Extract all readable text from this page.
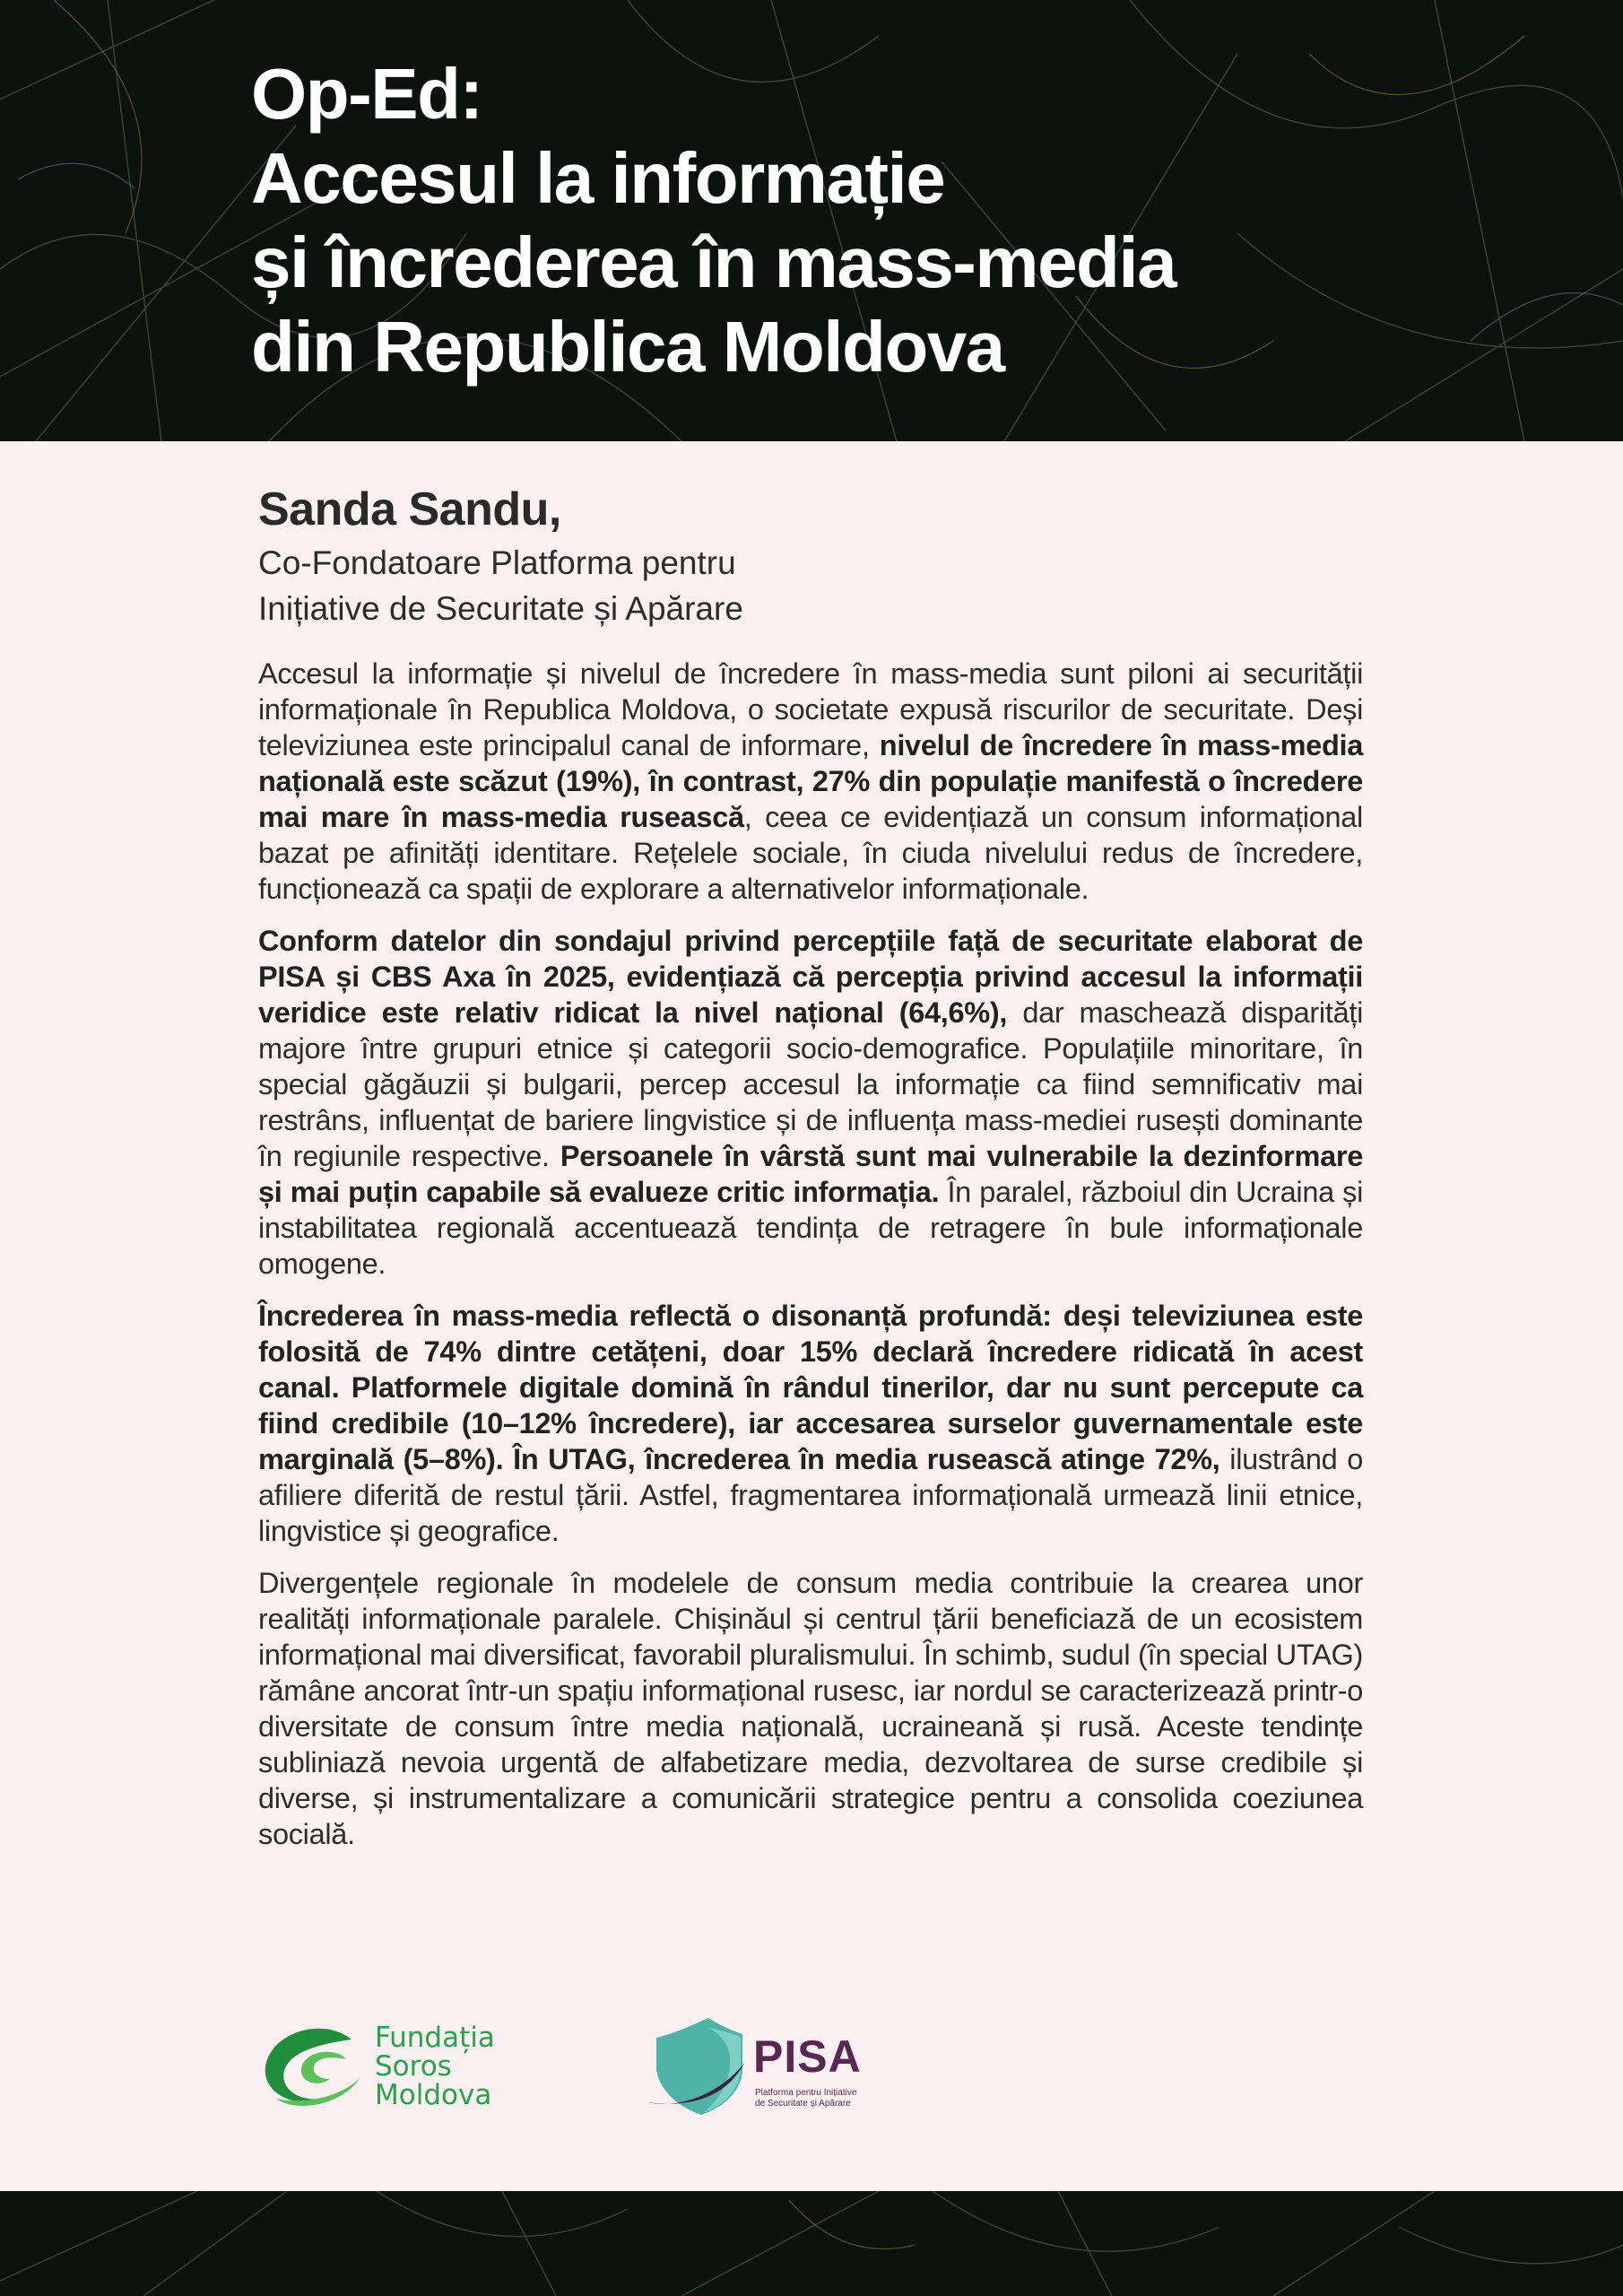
Op-Ed:
Accesul la informație
și încrederea în mass-media
din Republica Moldova
Sanda Sandu,

Co-Fondatoare Platforma pentru
Inițiative de Securitate și Apărare

Accesul la informație și nivelul de încredere în mass-media sunt piloni ai securității informaționale în Republica Moldova, o societate expusă riscurilor de securitate. Deși televiziunea este principalul canal de informare, nivelul de încredere în mass-media națională este scăzut (19%), în contrast, 27% din populație manifestă o încredere mai mare în mass-media rusească, ceea ce evidențiază un consum informațional bazat pe afinități identitare. Rețelele sociale, în ciuda nivelului redus de încredere, funcționează ca spații de explorare a alternativelor informaționale.

Conform datelor din sondajul privind percepțiile față de securitate elaborat de PISA și CBS Axa în 2025, evidențiază că percepția privind accesul la informații veridice este relativ ridicat la nivel național (64,6%), dar maschează disparități majore între grupuri etnice și categorii socio-demografice. Populațiile minoritare, în special găgăuzii și bulgarii, percep accesul la informație ca fiind semnificativ mai restrâns, influențat de bariere lingvistice și de influența mass-mediei rusești dominante în regiunile respective. Persoanele în vârstă sunt mai vulnerabile la dezinformare și mai puțin capabile să evalueze critic informația. În paralel, războiul din Ucraina și instabilitatea regională accentuează tendința de retragere în bule informaționale omogene.

Încrederea în mass-media reflectă o disonanță profundă: deși televiziunea este folosită de 74% dintre cetățeni, doar 15% declară încredere ridicată în acest canal. Platformele digitale domină în rândul tinerilor, dar nu sunt percepute ca fiind credibile (10–12% încredere), iar accesarea surselor guvernamentale este marginală (5–8%). În UTAG, încrederea în media rusească atinge 72%, ilustrând o afiliere diferită de restul țării. Astfel, fragmentarea informațională urmează linii etnice, lingvistice și geografice.

Divergențele regionale în modelele de consum media contribuie la crearea unor realități informaționale paralele. Chișinăul și centrul țării beneficiază de un ecosistem informațional mai diversificat, favorabil pluralismului. În schimb, sudul (în special UTAG) rămâne ancorat într-un spațiu informațional rusesc, iar nordul se caracterizează printr-o diversitate de consum între media națională, ucraineană și rusă. Aceste tendințe subliniază nevoia urgentă de alfabetizare media, dezvoltarea de surse credibile și diverse, și instrumentalizare a comunicării strategice pentru a consolida coeziunea socială.

Fundația
Soros
Moldova

PISA

Platforma pentru Inițiative
de Securitate și Apărare
